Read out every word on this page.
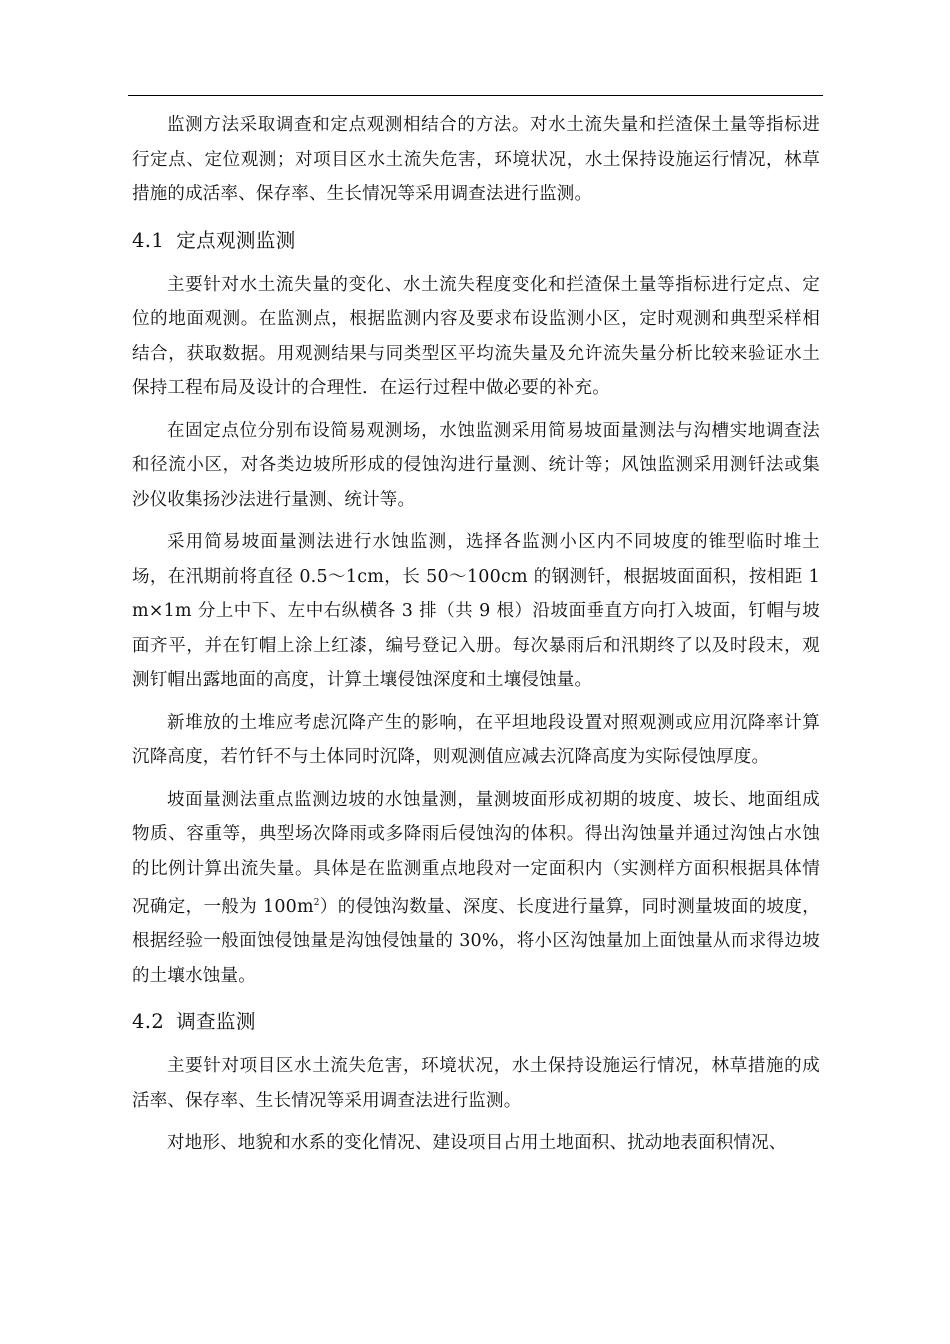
监测方法采取调查和定点观测相结合的方法。对水土流失量和拦渣保土量等指标进行定点、定位观测；对项目区水土流失危害，环境状况，水土保持设施运行情况，林草措施的成活率、保存率、生长情况等采用调查法进行监测。

4.1 定点观测监测

主要针对水土流失量的变化、水土流失程度变化和拦渣保土量等指标进行定点、定位的地面观测。在监测点，根据监测内容及要求布设监测小区，定时观测和典型采样相结合，获取数据。用观测结果与同类型区平均流失量及允许流失量分析比较来验证水土保持工程布局及设计的合理性．在运行过程中做必要的补充。

在固定点位分别布设简易观测场，水蚀监测采用简易坡面量测法与沟槽实地调查法和径流小区，对各类边坡所形成的侵蚀沟进行量测、统计等；风蚀监测采用测钎法或集沙仪收集扬沙法进行量测、统计等。

采用简易坡面量测法进行水蚀监测，选择各监测小区内不同坡度的锥型临时堆土场，在汛期前将直径 0.5～1cm，长 50～100cm 的钢测钎，根据坡面面积，按相距 1m×1m 分上中下、左中右纵横各 3 排（共 9 根）沿坡面垂直方向打入坡面，钉帽与坡面齐平，并在钉帽上涂上红漆，编号登记入册。每次暴雨后和汛期终了以及时段末，观测钉帽出露地面的高度，计算土壤侵蚀深度和土壤侵蚀量。

新堆放的土堆应考虑沉降产生的影响，在平坦地段设置对照观测或应用沉降率计算沉降高度，若竹钎不与土体同时沉降，则观测值应减去沉降高度为实际侵蚀厚度。

坡面量测法重点监测边坡的水蚀量测，量测坡面形成初期的坡度、坡长、地面组成物质、容重等，典型场次降雨或多降雨后侵蚀沟的体积。得出沟蚀量并通过沟蚀占水蚀的比例计算出流失量。具体是在监测重点地段对一定面积内（实测样方面积根据具体情况确定，一般为 $100m^2$）的侵蚀沟数量、深度、长度进行量算，同时测量坡面的坡度，根据经验一般面蚀侵蚀量是沟蚀侵蚀量的 30%，将小区沟蚀量加上面蚀量从而求得边坡的土壤水蚀量。

4.2 调查监测

主要针对项目区水土流失危害，环境状况，水土保持设施运行情况，林草措施的成活率、保存率、生长情况等采用调查法进行监测。

对地形、地貌和水系的变化情况、建设项目占用土地面积、扰动地表面积情况、
